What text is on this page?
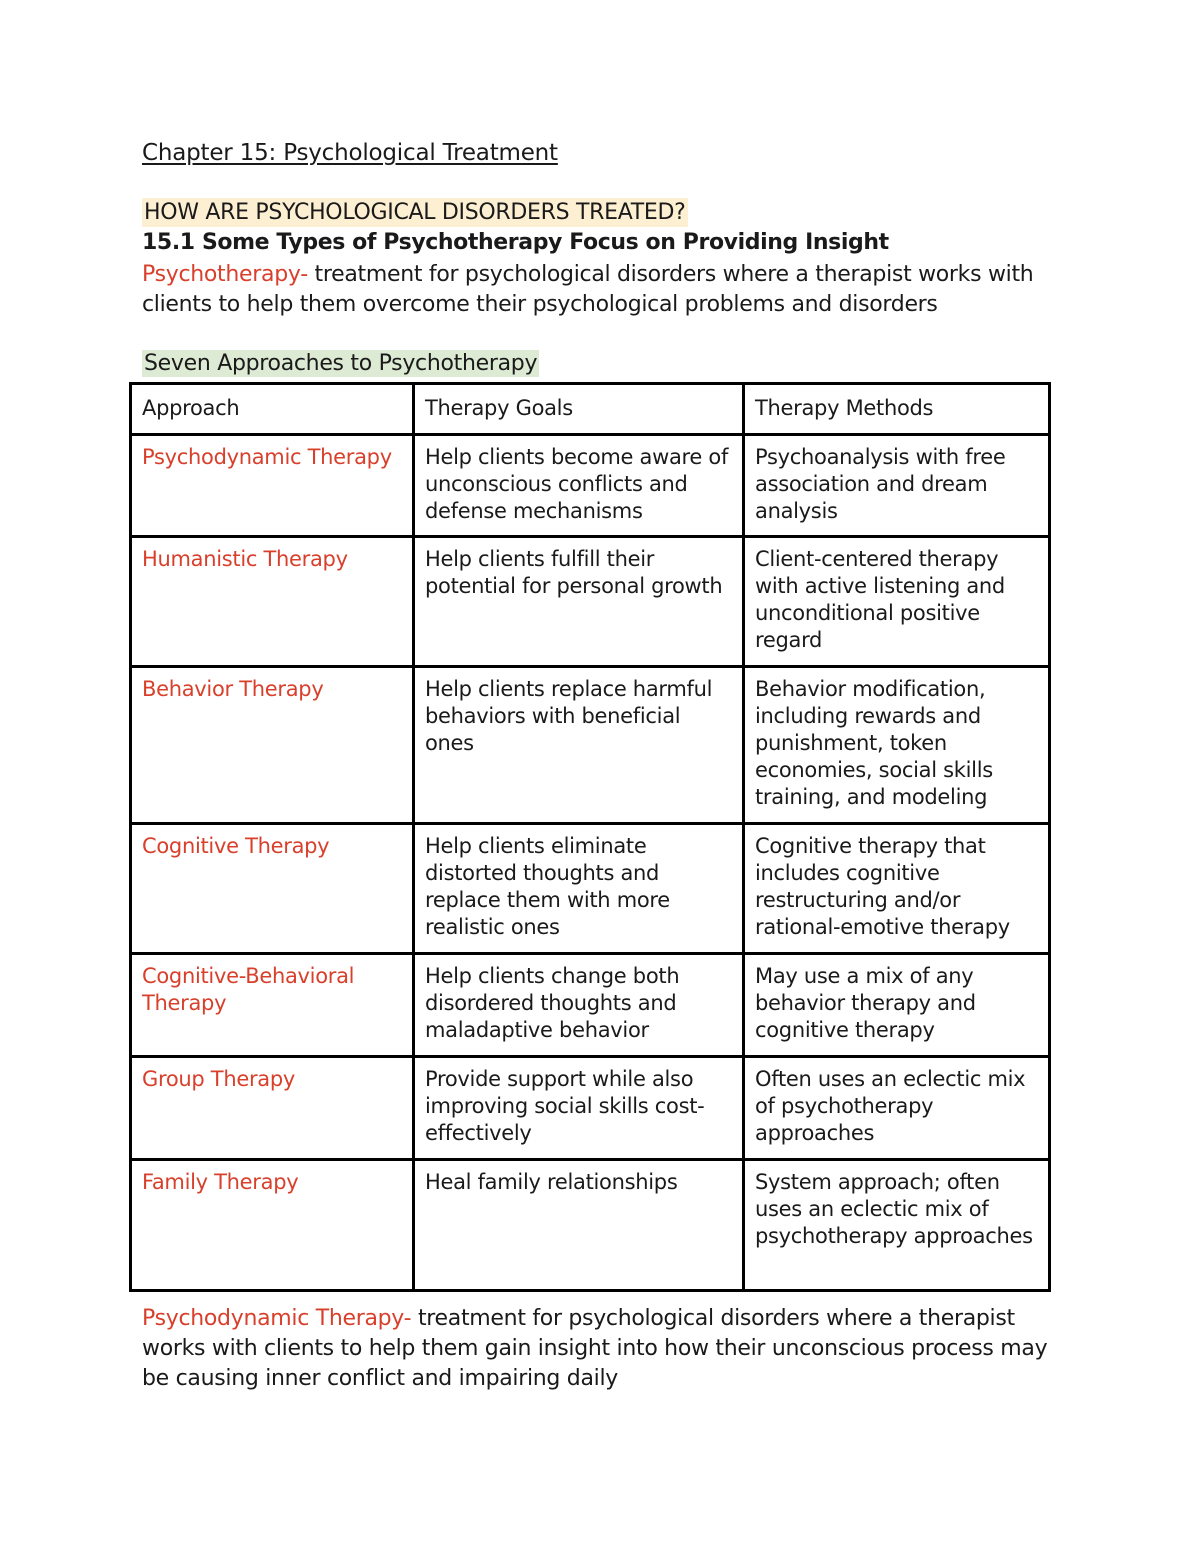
Chapter 15: Psychological Treatment
HOW ARE PSYCHOLOGICAL DISORDERS TREATED?
15.1 Some Types of Psychotherapy Focus on Providing Insight

Psychotherapy- treatment for psychological disorders where a therapist works with clients to help them overcome their psychological problems and disorders

Seven Approaches to Psychotherapy
Approach	Therapy Goals	Therapy Methods
Psychodynamic Therapy	Help clients become aware of unconscious conflicts and defense mechanisms	Psychoanalysis with free association and dream analysis
Humanistic Therapy	Help clients fulfill their potential for personal growth	Client-centered therapy with active listening and unconditional positive regard
Behavior Therapy	Help clients replace harmful behaviors with beneficial ones	Behavior modification, including rewards and punishment, token economies, social skills training, and modeling
Cognitive Therapy	Help clients eliminate distorted thoughts and replace them with more realistic ones	Cognitive therapy that includes cognitive restructuring and/or rational-emotive therapy
Cognitive-Behavioral Therapy	Help clients change both disordered thoughts and maladaptive behavior	May use a mix of any behavior therapy and cognitive therapy
Group Therapy	Provide support while also improving social skills cost-effectively	Often uses an eclectic mix of psychotherapy approaches
Family Therapy	Heal family relationships	System approach; often uses an eclectic mix of psychotherapy approaches

Psychodynamic Therapy- treatment for psychological disorders where a therapist works with clients to help them gain insight into how their unconscious process may be causing inner conflict and impairing daily
